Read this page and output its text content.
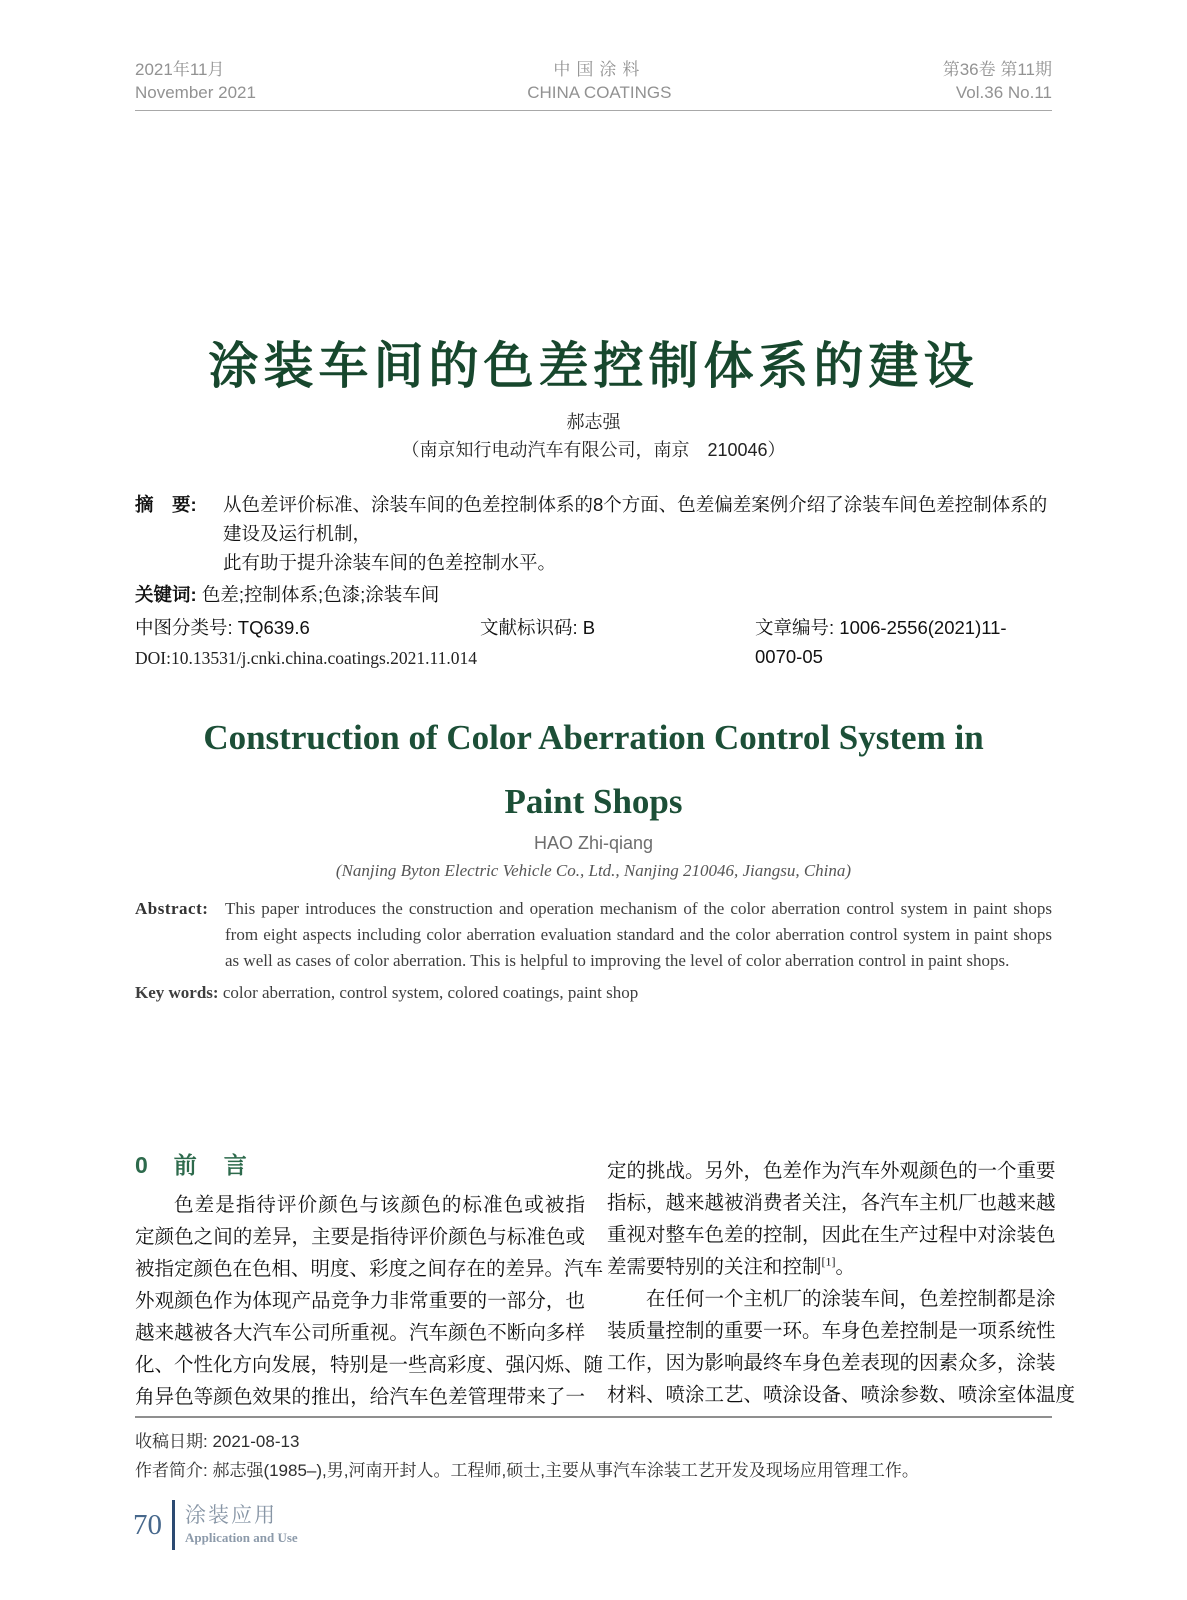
2021年11月
November 2021
中国涂料
CHINA COATINGS
第36卷 第11期
Vol.36 No.11
涂装车间的色差控制体系的建设
郝志强
（南京知行电动汽车有限公司，南京　210046）
摘　要:	从色差评价标准、涂装车间的色差控制体系的8个方面、色差偏差案例介绍了涂装车间色差控制体系的建设及运行机制，
此有助于提升涂装车间的色差控制水平。
关键词: 色差;控制体系;色漆;涂装车间
中图分类号: TQ639.6	文献标识码: B	文章编号: 1006-2556(2021)11-0070-05
DOI:10.13531/j.cnki.china.coatings.2021.11.014
Construction of Color Aberration Control System in
Paint Shops
HAO Zhi-qiang
(Nanjing Byton Electric Vehicle Co., Ltd., Nanjing 210046, Jiangsu, China)
Abstract: This paper introduces the construction and operation mechanism of the color aberration control system in paint shops from eight aspects including color aberration evaluation standard and the color aberration control system in paint shops as well as cases of color aberration. This is helpful to improving the level of color aberration control in paint shops.
Key words: color aberration, control system, colored coatings, paint shop
0 前　言
色差是指待评价颜色与该颜色的标准色或被指
定颜色之间的差异，主要是指待评价颜色与标准色或
被指定颜色在色相、明度、彩度之间存在的差异。汽车
外观颜色作为体现产品竞争力非常重要的一部分，也
越来越被各大汽车公司所重视。汽车颜色不断向多样
化、个性化方向发展，特别是一些高彩度、强闪烁、随
角异色等颜色效果的推出，给汽车色差管理带来了一
定的挑战。另外，色差作为汽车外观颜色的一个重要
指标，越来越被消费者关注，各汽车主机厂也越来越
重视对整车色差的控制，因此在生产过程中对涂装色
差需要特别的关注和控制[1]。
在任何一个主机厂的涂装车间，色差控制都是涂
装质量控制的重要一环。车身色差控制是一项系统性
工作，因为影响最终车身色差表现的因素众多，涂装
材料、喷涂工艺、喷涂设备、喷涂参数、喷涂室体温度
收稿日期: 2021-08-13
作者简介: 郝志强(1985–),男,河南开封人。工程师,硕士,主要从事汽车涂装工艺开发及现场应用管理工作。
70 涂装应用
Application and Use
